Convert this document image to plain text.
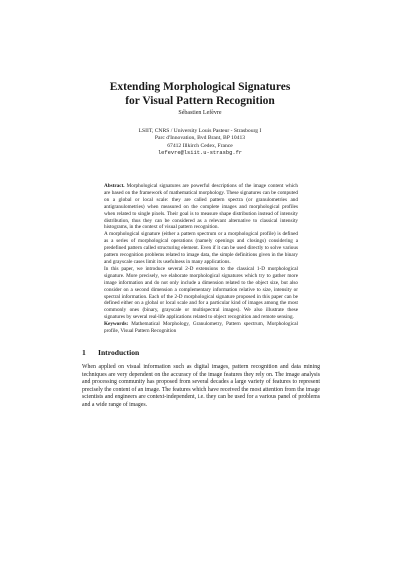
Extending Morphological Signatures
for Visual Pattern Recognition
Sébastien Lefèvre
LSIIT, CNRS / University Louis Pasteur - Strasbourg I
Parc d'Innovation, Bvd Brant, BP 10413
67412 Illkirch Cedex, France
lefevre@lsiit.u-strasbg.fr

Abstract. Morphological signatures are powerful descriptions of the image content which are based on the framework of mathematical morphology. These signatures can be computed on a global or local scale: they are called pattern spectra (or granulometries and antigranulometries) when measured on the complete images and morphological profiles when related to single pixels. Their goal is to measure shape distribution instead of intensity distribution, thus they can be considered as a relevant alternative to classical intensity histograms, in the context of visual pattern recognition.

A morphological signature (either a pattern spectrum or a morphological profile) is defined as a series of morphological operations (namely openings and closings) considering a predefined pattern called structuring element. Even if it can be used directly to solve various pattern recognition problems related to image data, the simple definitions given in the binary and grayscale cases limit its usefulness in many applications.

In this paper, we introduce several 2-D extensions to the classical 1-D morphological signature. More precisely, we elaborate morphological signatures which try to gather more image information and do not only include a dimension related to the object size, but also consider on a second dimension a complementary information relative to size, intensity or spectral information. Each of the 2-D morphological signature proposed in this paper can be defined either on a global or local scale and for a particular kind of images among the most commonly ones (binary, grayscale or multispectral images). We also illustrate these signatures by several real-life applications related to object recognition and remote sensing.

Keywords: Mathematical Morphology, Granulometry, Pattern spectrum, Morphological profile, Visual Pattern Recognition

1 Introduction

When applied on visual information such as digital images, pattern recognition and data mining techniques are very dependent on the accuracy of the image features they rely on. The image analysis and processing community has proposed from several decades a large variety of features to represent precisely the content of an image. The features which have received the most attention from the image scientists and engineers are context-independent, i.e. they can be used for a various panel of problems and a wide range of images.
